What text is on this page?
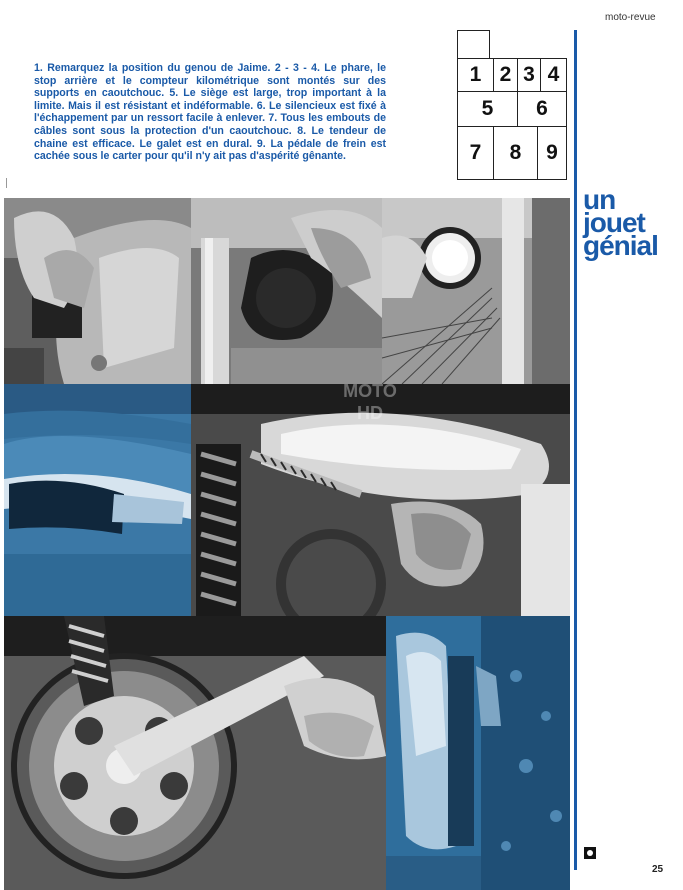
moto-revue
1. Remarquez la position du genou de Jaime. 2 - 3 - 4. Le phare, le stop arrière et le compteur kilométrique sont montés sur des supports en caoutchouc. 5. Le siège est large, trop important à la limite. Mais il est résistant et indéformable. 6. Le silencieux est fixé à l'échappement par un ressort facile à enlever. 7. Tous les embouts de câbles sont sous la protection d'un caoutchouc. 8. Le tendeur de chaine est efficace. Le galet est en dural. 9. La pédale de frein est cachée sous le carter pour qu'il n'y ait pas d'aspérité gênante.
1 2 3 4
5	6
7	8	9
un
jouet
génial
MOTO
HD
25
